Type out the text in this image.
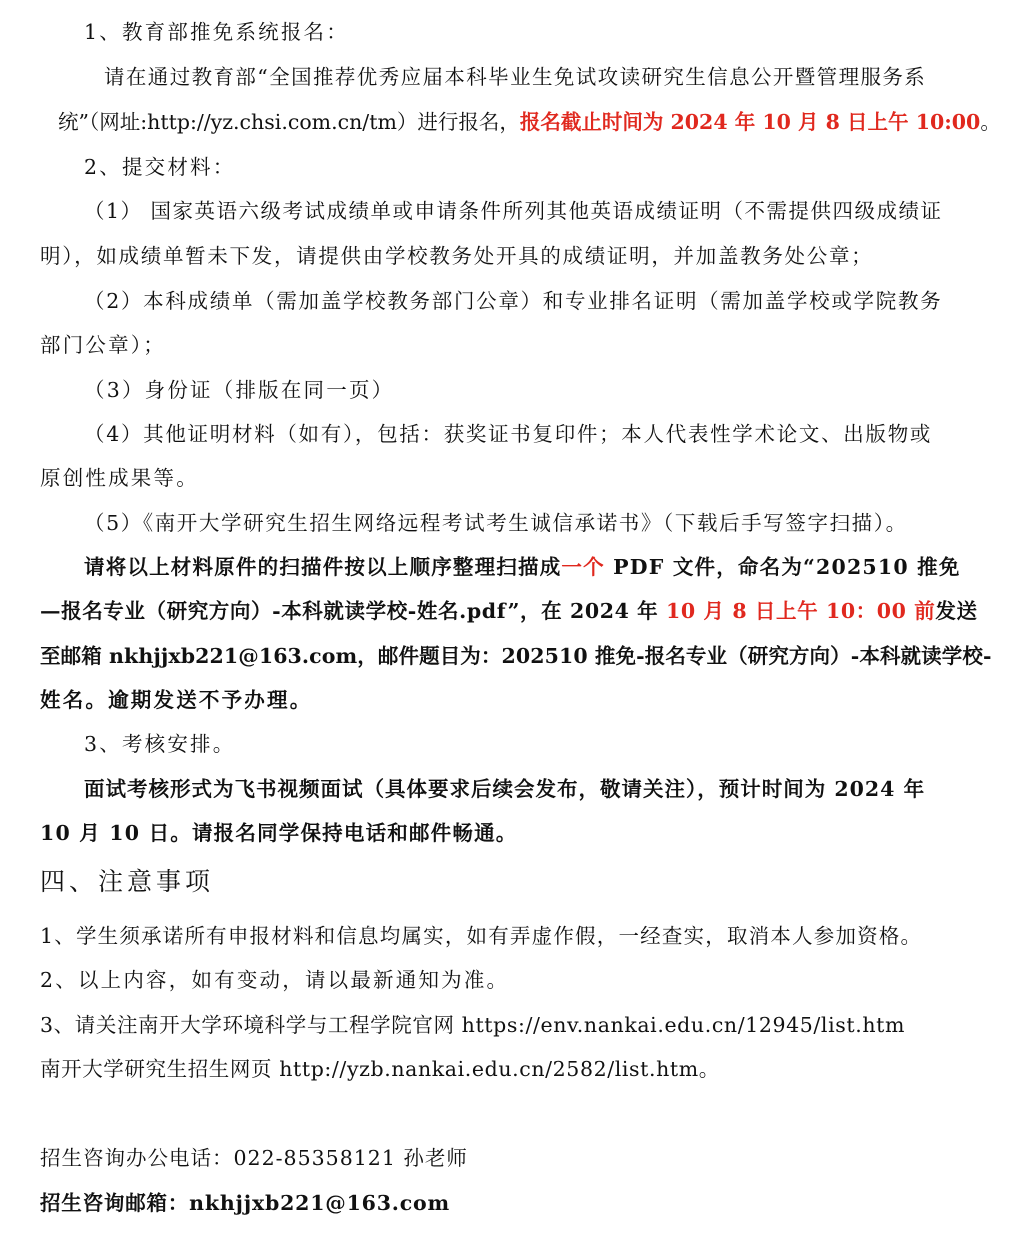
1、教育部推免系统报名：
请在通过教育部“全国推荐优秀应届本科毕业生免试攻读研究生信息公开暨管理服务系
统”（网址:http://yz.chsi.com.cn/tm）进行报名，报名截止时间为 2024 年 10 月 8 日上午 10:00。
2、提交材料：
（1） 国家英语六级考试成绩单或申请条件所列其他英语成绩证明（不需提供四级成绩证
明），如成绩单暂未下发，请提供由学校教务处开具的成绩证明，并加盖教务处公章；
（2）本科成绩单（需加盖学校教务部门公章）和专业排名证明（需加盖学校或学院教务
部门公章）；
（3）身份证（排版在同一页）
（4）其他证明材料（如有），包括：获奖证书复印件；本人代表性学术论文、出版物或
原创性成果等。
（5）《南开大学研究生招生网络远程考试考生诚信承诺书》（下载后手写签字扫描）。
请将以上材料原件的扫描件按以上顺序整理扫描成一个 PDF 文件，命名为“202510 推免
—报名专业（研究方向）-本科就读学校-姓名.pdf”，在 2024 年 10 月 8 日上午 10：00 前发送
至邮箱 nkhjjxb221@163.com，邮件题目为：202510 推免-报名专业（研究方向）-本科就读学校-
姓名。逾期发送不予办理。
3、考核安排。
面试考核形式为飞书视频面试（具体要求后续会发布，敬请关注），预计时间为 2024 年
10 月 10 日。请报名同学保持电话和邮件畅通。
四、注意事项
1、学生须承诺所有申报材料和信息均属实，如有弄虚作假，一经查实，取消本人参加资格。
2、以上内容，如有变动，请以最新通知为准。
3、请关注南开大学环境科学与工程学院官网 https://env.nankai.edu.cn/12945/list.htm
南开大学研究生招生网页 http://yzb.nankai.edu.cn/2582/list.htm。
招生咨询办公电话：022-85358121 孙老师
招生咨询邮箱：nkhjjxb221@163.com
